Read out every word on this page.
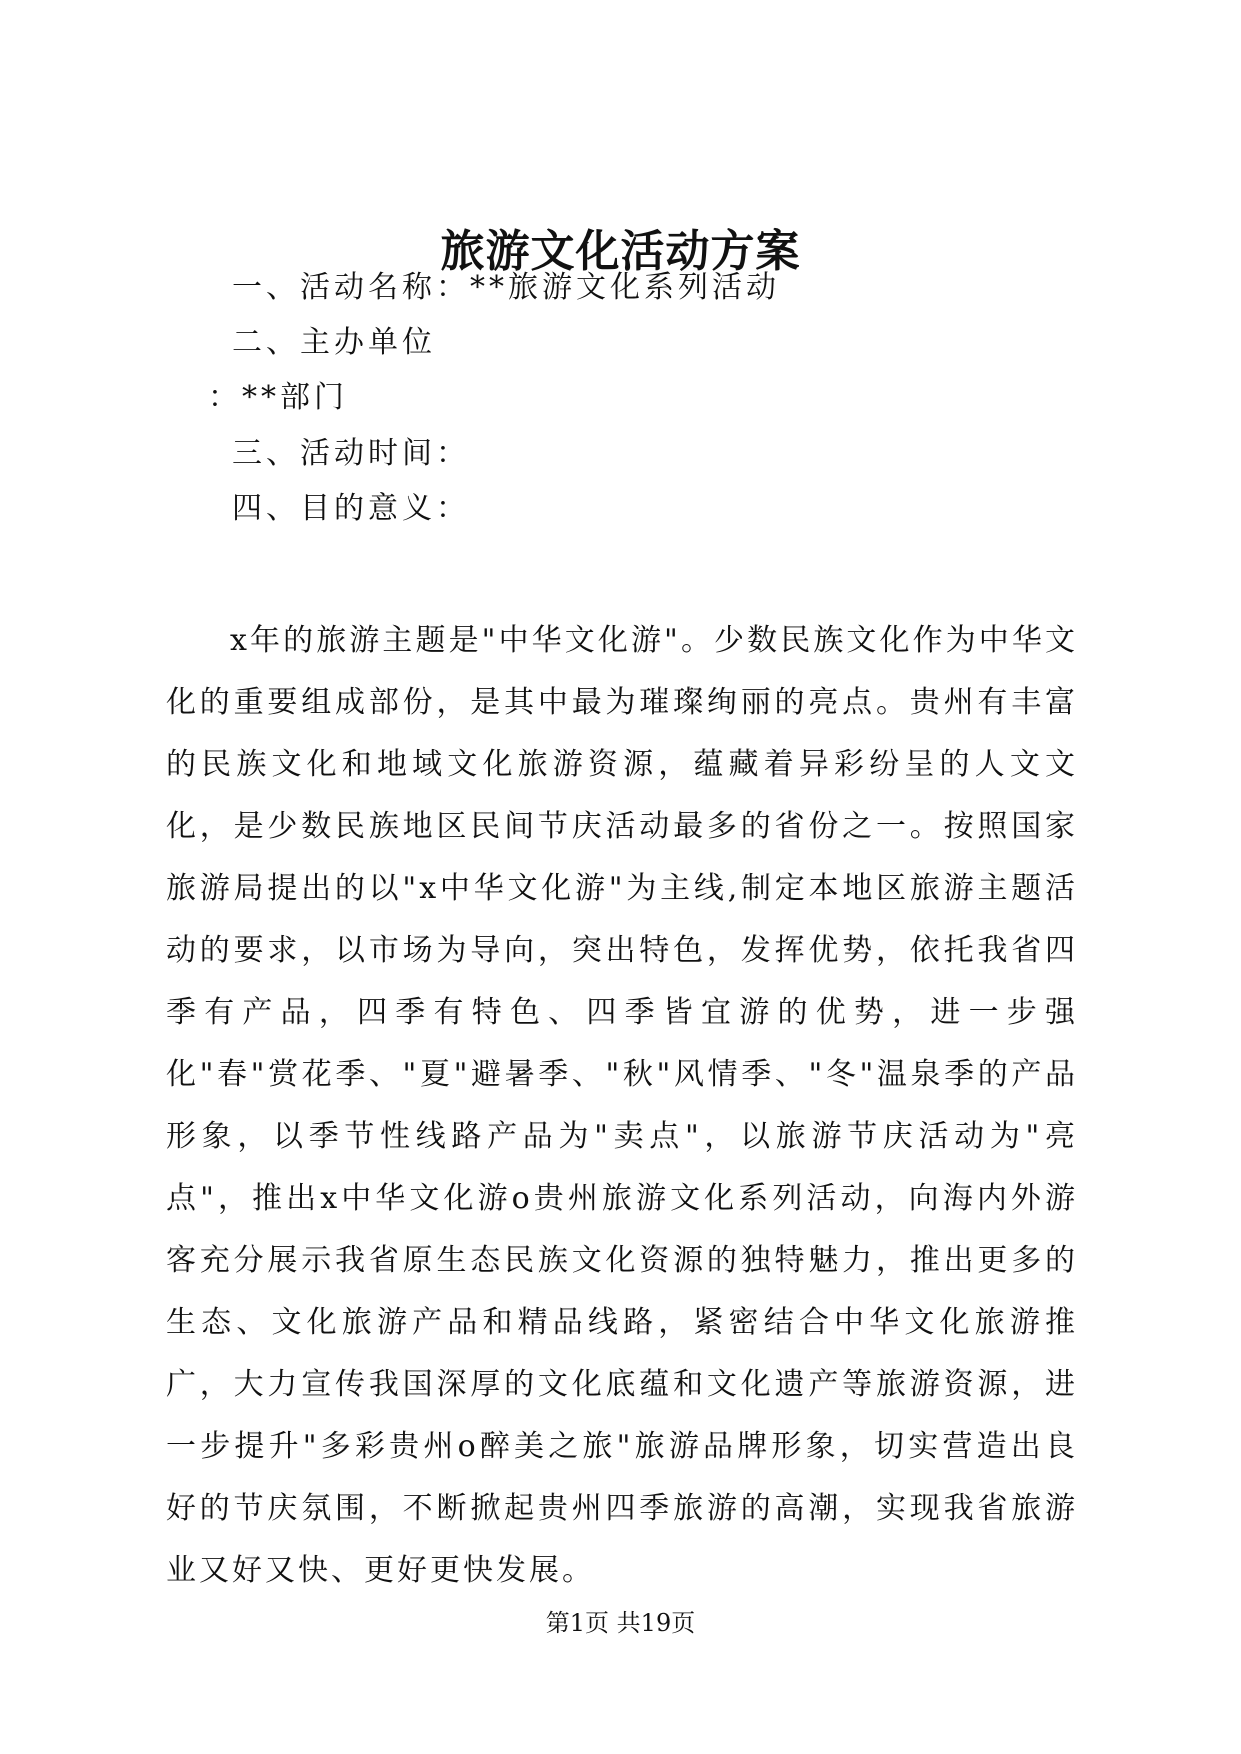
旅游文化活动方案
一、活动名称：**旅游文化系列活动
二、主办单位
：**部门
三、活动时间：
四、目的意义：

x年的旅游主题是"中华文化游"。少数民族文化作为中华文化的重要组成部份，是其中最为璀璨绚丽的亮点。贵州有丰富的民族文化和地域文化旅游资源，蕴藏着异彩纷呈的人文文化，是少数民族地区民间节庆活动最多的省份之一。按照国家旅游局提出的以"x中华文化游"为主线,制定本地区旅游主题活动的要求，以市场为导向，突出特色，发挥优势，依托我省四季有产品，四季有特色、四季皆宜游的优势，进一步强化"春"赏花季、"夏"避暑季、"秋"风情季、"冬"温泉季的产品形象，以季节性线路产品为"卖点"，以旅游节庆活动为"亮点"，推出x中华文化游o贵州旅游文化系列活动，向海内外游客充分展示我省原生态民族文化资源的独特魅力，推出更多的生态、文化旅游产品和精品线路，紧密结合中华文化旅游推广，大力宣传我国深厚的文化底蕴和文化遗产等旅游资源，进一步提升"多彩贵州o醉美之旅"旅游品牌形象，切实营造出良好的节庆氛围，不断掀起贵州四季旅游的高潮，实现我省旅游业又好又快、更好更快发展。

第1页 共19页
